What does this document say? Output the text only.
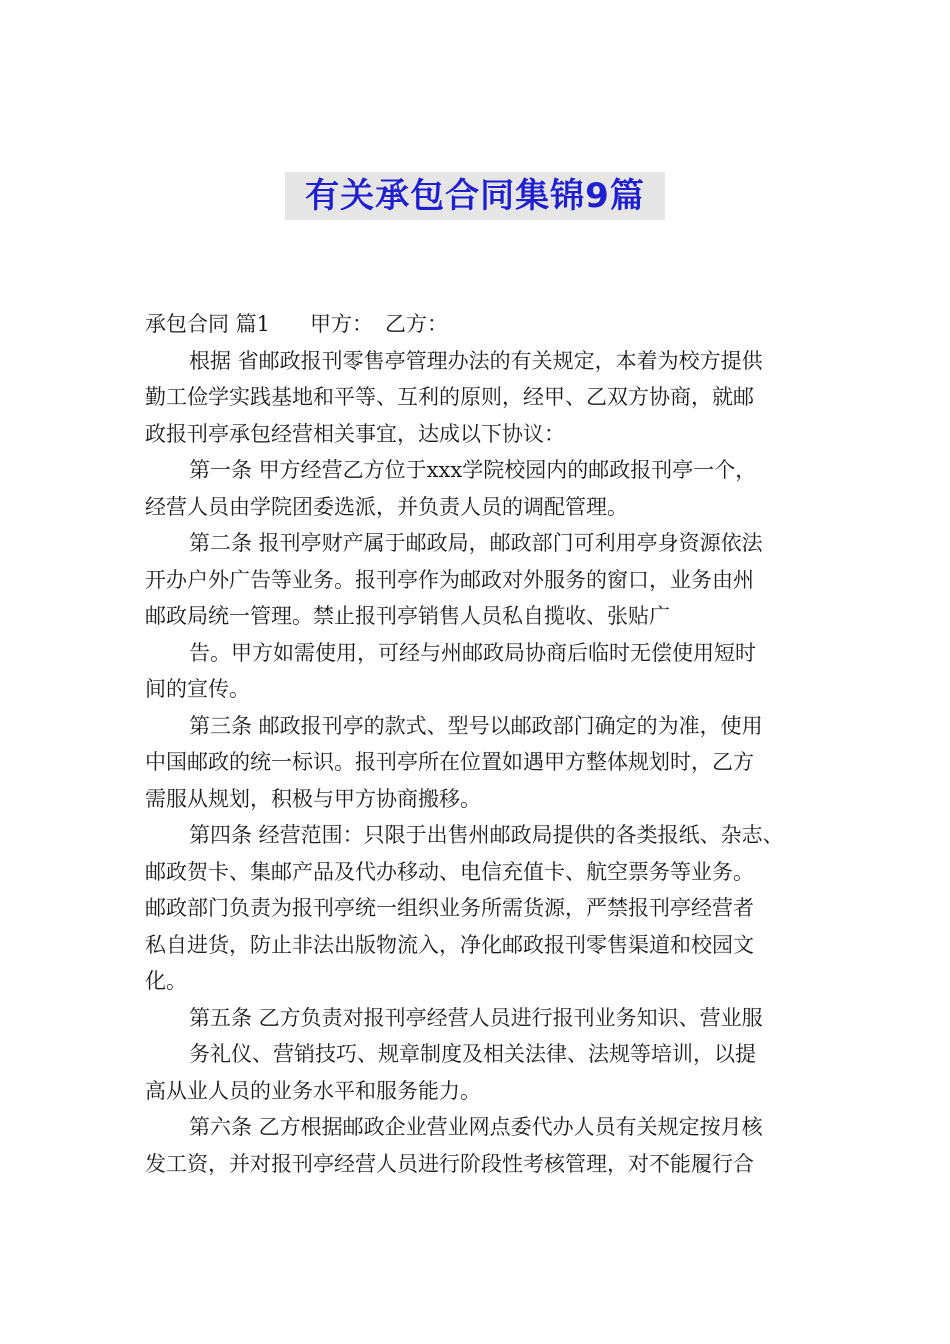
有关承包合同集锦9篇
承包合同 篇1 甲方： 乙方：
根据 省邮政报刊零售亭管理办法的有关规定，本着为校方提供
勤工俭学实践基地和平等、互利的原则，经甲、乙双方协商，就邮
政报刊亭承包经营相关事宜，达成以下协议：
第一条 甲方经营乙方位于xxx学院校园内的邮政报刊亭一个，
经营人员由学院团委选派，并负责人员的调配管理。
第二条 报刊亭财产属于邮政局，邮政部门可利用亭身资源依法
开办户外广告等业务。报刊亭作为邮政对外服务的窗口，业务由州
邮政局统一管理。禁止报刊亭销售人员私自揽收、张贴广
告。甲方如需使用，可经与州邮政局协商后临时无偿使用短时
间的宣传。
第三条 邮政报刊亭的款式、型号以邮政部门确定的为准，使用
中国邮政的统一标识。报刊亭所在位置如遇甲方整体规划时，乙方
需服从规划，积极与甲方协商搬移。
第四条 经营范围：只限于出售州邮政局提供的各类报纸、杂志、
邮政贺卡、集邮产品及代办移动、电信充值卡、航空票务等业务。
邮政部门负责为报刊亭统一组织业务所需货源，严禁报刊亭经营者
私自进货，防止非法出版物流入，净化邮政报刊零售渠道和校园文
化。
第五条 乙方负责对报刊亭经营人员进行报刊业务知识、营业服
务礼仪、营销技巧、规章制度及相关法律、法规等培训，以提
高从业人员的业务水平和服务能力。
第六条 乙方根据邮政企业营业网点委代办人员有关规定按月核
发工资，并对报刊亭经营人员进行阶段性考核管理，对不能履行合
